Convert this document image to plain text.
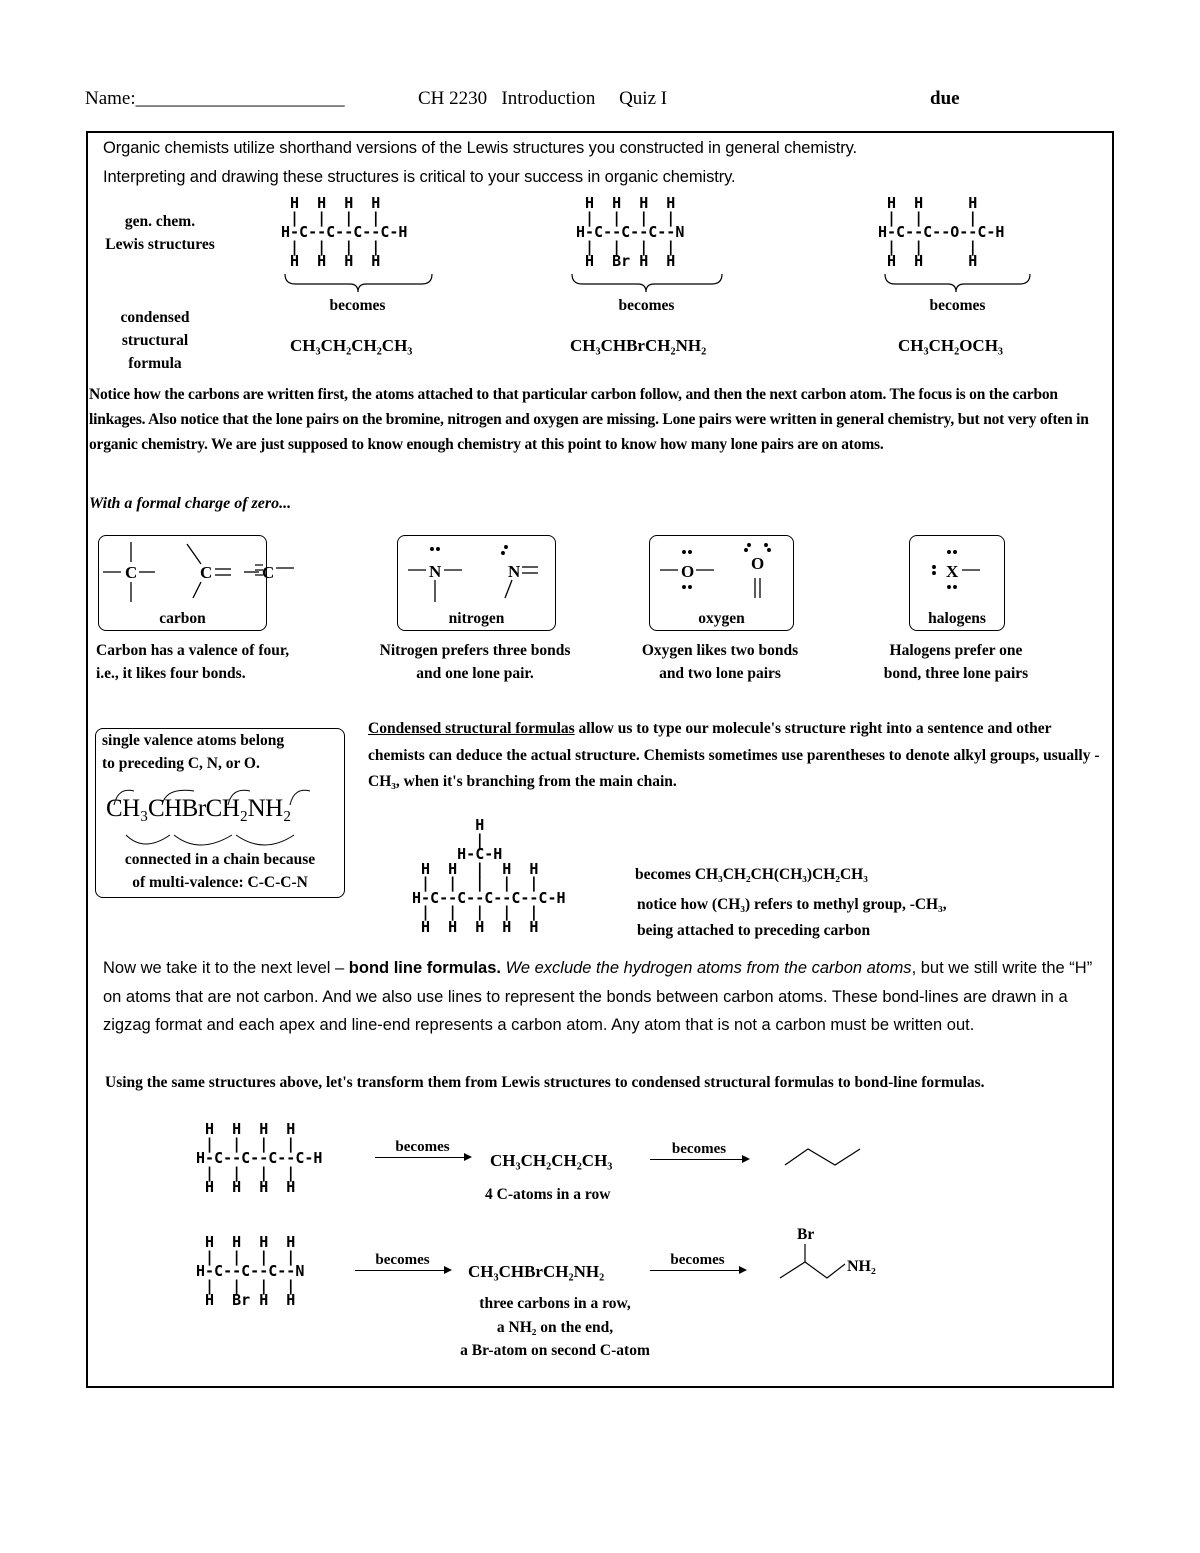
Name:______________________	CH 2230   Introduction     Quiz I	due
Organic chemists utilize shorthand versions of the Lewis structures you constructed in general chemistry.
Interpreting and drawing these structures is critical to your success in organic chemistry.
gen. chem.
Lewis structures
condensed
structural
formula
H  H  H  H
|  |  |  |
H-C--C--C--C-H
|  |  |  |
H  H  H  H
H  H  H  H
|  |  |  |
H-C--C--C--N
|  |  |  |
H  Br H  H
H  H     H
|  |     |
H-C--C--O--C-H
|  |     |
H  H     H
becomes	becomes	becomes
CH₃CH₂CH₂CH₃	CH₃CHBrCH₂NH₂	CH₃CH₂OCH₃
Notice how the carbons are written first, the atoms attached to that particular carbon follow, and then the next carbon atom. The focus is on the carbon linkages. Also notice that the lone pairs on the bromine, nitrogen and oxygen are missing. Lone pairs were written in general chemistry, but not very often in organic chemistry. We are just supposed to know enough chemistry at this point to know how many lone pairs are on atoms.
With a formal charge of zero...
C	C	C
carbon
N	N
nitrogen
O	O
oxygen
X
halogens
Carbon has a valence of four,
i.e., it likes four bonds.
Nitrogen prefers three bonds
and one lone pair.
Oxygen likes two bonds
and two lone pairs
Halogens prefer one
bond, three lone pairs
single valence atoms belong
to preceding C, N, or O.
CH₃CHBrCH₂NH₂
connected in a chain because
of multi-valence: C-C-C-N
Condensed structural formulas allow us to type our molecule's structure right into a sentence and other chemists can deduce the actual structure. Chemists sometimes use parentheses to denote alkyl groups, usually -CH₃, when it's branching from the main chain.
H
|
H-C-H
H  H  |  H  H
|  |  |  |  |
H-C--C--C--C--C-H
|  |  |  |  |
H  H  H  H  H
becomes CH₃CH₂CH(CH₃)CH₂CH₃
notice how (CH₃) refers to methyl group, -CH₃,
being attached to preceding carbon
Now we take it to the next level – bond line formulas. We exclude the hydrogen atoms from the carbon atoms, but we still write the “H” on atoms that are not carbon. And we also use lines to represent the bonds between carbon atoms. These bond-lines are drawn in a zigzag format and each apex and line-end represents a carbon atom. Any atom that is not a carbon must be written out.
Using the same structures above, let's transform them from Lewis structures to condensed structural formulas to bond-line formulas.
H  H  H  H
|  |  |  |
H-C--C--C--C-H
|  |  |  |
H  H  H  H
becomes
CH₃CH₂CH₂CH₃
4 C-atoms in a row
becomes
H  H  H  H
|  |  |  |
H-C--C--C--N
|  |  |  |
H  Br H  H
becomes
CH₃CHBrCH₂NH₂
three carbons in a row,
a NH₂ on the end,
a Br-atom on second C-atom
becomes
Br
NH₂
